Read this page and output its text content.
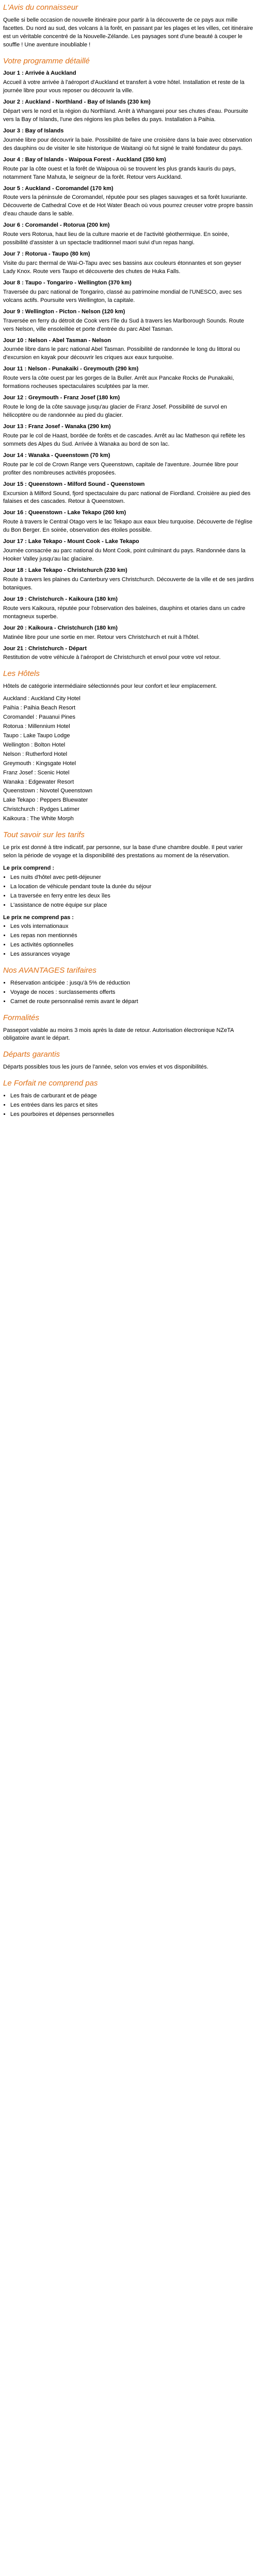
L'Avis du connaisseur

Quelle si belle occasion de nouvelle itinéraire pour partir à la découverte de ce pays aux mille facettes. Du nord au sud, des volcans à la forêt, en passant par les plages et les villes, cet itinéraire est un véritable concentré de la Nouvelle-Zélande. Les paysages sont d'une beauté à couper le souffle ! Une aventure inoubliable !

Votre programme détaillé
Jour 1 : Arrivée à Auckland

Accueil à votre arrivée à l'aéroport d'Auckland et transfert à votre hôtel. Installation et reste de la journée libre pour vous reposer ou découvrir la ville.

Jour 2 : Auckland - Northland - Bay of Islands (230 km)

Départ vers le nord et la région du Northland. Arrêt à Whangarei pour ses chutes d'eau. Poursuite vers la Bay of Islands, l'une des régions les plus belles du pays. Installation à Paihia.

Jour 3 : Bay of Islands

Journée libre pour découvrir la baie. Possibilité de faire une croisière dans la baie avec observation des dauphins ou de visiter le site historique de Waitangi où fut signé le traité fondateur du pays.

Jour 4 : Bay of Islands - Waipoua Forest - Auckland (350 km)

Route par la côte ouest et la forêt de Waipoua où se trouvent les plus grands kauris du pays, notamment Tane Mahuta, le seigneur de la forêt. Retour vers Auckland.

Jour 5 : Auckland - Coromandel (170 km)

Route vers la péninsule de Coromandel, réputée pour ses plages sauvages et sa forêt luxuriante. Découverte de Cathedral Cove et de Hot Water Beach où vous pourrez creuser votre propre bassin d'eau chaude dans le sable.

Jour 6 : Coromandel - Rotorua (200 km)

Route vers Rotorua, haut lieu de la culture maorie et de l'activité géothermique. En soirée, possibilité d'assister à un spectacle traditionnel maori suivi d'un repas hangi.

Jour 7 : Rotorua - Taupo (80 km)

Visite du parc thermal de Wai-O-Tapu avec ses bassins aux couleurs étonnantes et son geyser Lady Knox. Route vers Taupo et découverte des chutes de Huka Falls.

Jour 8 : Taupo - Tongariro - Wellington (370 km)

Traversée du parc national de Tongariro, classé au patrimoine mondial de l'UNESCO, avec ses volcans actifs. Poursuite vers Wellington, la capitale.

Jour 9 : Wellington - Picton - Nelson (120 km)

Traversée en ferry du détroit de Cook vers l'île du Sud à travers les Marlborough Sounds. Route vers Nelson, ville ensoleillée et porte d'entrée du parc Abel Tasman.

Jour 10 : Nelson - Abel Tasman - Nelson

Journée libre dans le parc national Abel Tasman. Possibilité de randonnée le long du littoral ou d'excursion en kayak pour découvrir les criques aux eaux turquoise.

Jour 11 : Nelson - Punakaiki - Greymouth (290 km)

Route vers la côte ouest par les gorges de la Buller. Arrêt aux Pancake Rocks de Punakaiki, formations rocheuses spectaculaires sculptées par la mer.

Jour 12 : Greymouth - Franz Josef (180 km)

Route le long de la côte sauvage jusqu'au glacier de Franz Josef. Possibilité de survol en hélicoptère ou de randonnée au pied du glacier.

Jour 13 : Franz Josef - Wanaka (290 km)

Route par le col de Haast, bordée de forêts et de cascades. Arrêt au lac Matheson qui reflète les sommets des Alpes du Sud. Arrivée à Wanaka au bord de son lac.

Jour 14 : Wanaka - Queenstown (70 km)

Route par le col de Crown Range vers Queenstown, capitale de l'aventure. Journée libre pour profiter des nombreuses activités proposées.

Jour 15 : Queenstown - Milford Sound - Queenstown

Excursion à Milford Sound, fjord spectaculaire du parc national de Fiordland. Croisière au pied des falaises et des cascades. Retour à Queenstown.

Jour 16 : Queenstown - Lake Tekapo (260 km)

Route à travers le Central Otago vers le lac Tekapo aux eaux bleu turquoise. Découverte de l'église du Bon Berger. En soirée, observation des étoiles possible.

Jour 17 : Lake Tekapo - Mount Cook - Lake Tekapo

Journée consacrée au parc national du Mont Cook, point culminant du pays. Randonnée dans la Hooker Valley jusqu'au lac glaciaire.

Jour 18 : Lake Tekapo - Christchurch (230 km)

Route à travers les plaines du Canterbury vers Christchurch. Découverte de la ville et de ses jardins botaniques.

Jour 19 : Christchurch - Kaikoura (180 km)

Route vers Kaikoura, réputée pour l'observation des baleines, dauphins et otaries dans un cadre montagneux superbe.

Jour 20 : Kaikoura - Christchurch (180 km)

Matinée libre pour une sortie en mer. Retour vers Christchurch et nuit à l'hôtel.

Jour 21 : Christchurch - Départ

Restitution de votre véhicule à l'aéroport de Christchurch et envol pour votre vol retour.

Les Hôtels

Hôtels de catégorie intermédiaire sélectionnés pour leur confort et leur emplacement.

Auckland : Auckland City Hotel
Paihia : Paihia Beach Resort
Coromandel : Pauanui Pines
Rotorua : Millennium Hotel
Taupo : Lake Taupo Lodge
Wellington : Bolton Hotel
Nelson : Rutherford Hotel
Greymouth : Kingsgate Hotel
Franz Josef : Scenic Hotel
Wanaka : Edgewater Resort
Queenstown : Novotel Queenstown
Lake Tekapo : Peppers Bluewater
Christchurch : Rydges Latimer
Kaikoura : The White Morph
Tout savoir sur les tarifs

Le prix est donné à titre indicatif, par personne, sur la base d'une chambre double. Il peut varier selon la période de voyage et la disponibilité des prestations au moment de la réservation.

Le prix comprend :
• Les nuits d'hôtel avec petit-déjeuner
• La location de véhicule pendant toute la durée du séjour
• La traversée en ferry entre les deux îles
• L'assistance de notre équipe sur place
Le prix ne comprend pas :
• Les vols internationaux
• Les repas non mentionnés
• Les activités optionnelles
• Les assurances voyage
Nos AVANTAGES tarifaires
• Réservation anticipée : jusqu'à 5% de réduction
• Voyage de noces : surclassements offerts
• Carnet de route personnalisé remis avant le départ
Formalités

Passeport valable au moins 3 mois après la date de retour. Autorisation électronique NZeTA obligatoire avant le départ.

Départs garantis

Départs possibles tous les jours de l'année, selon vos envies et vos disponibilités.

Le Forfait ne comprend pas
• Les frais de carburant et de péage
• Les entrées dans les parcs et sites
• Les pourboires et dépenses personnelles
